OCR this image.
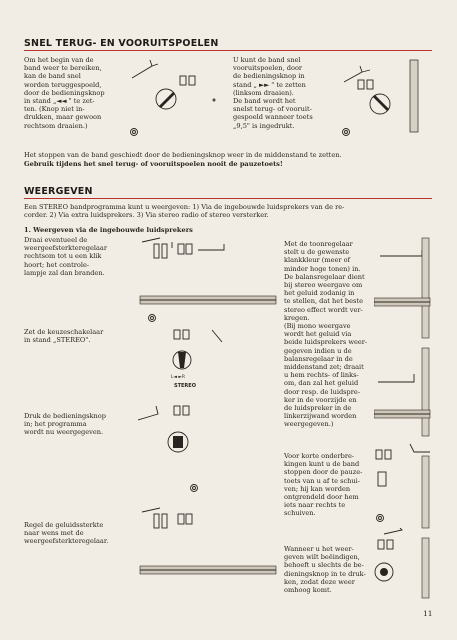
SNEL TERUG- EN VOORUITSPOELEN
Om het begin van de
band weer te bereiken,
kan de band snel
worden teruggespoeld,
door de bedieningsknop
in stand „◄◄ " te zet-
ten. (Knop niet in-
drukken, maar gewoon
rechtsom draaien.)
U kunt de band snel
vooruitspoelen, door
de bedieningsknop in
stand „ ►► " te zetten
(linksom draaien).
De band wordt het
snelst terug- of vooruit-
gespoeld wanneer toets
„9,5" is ingedrukt.
Het stoppen van de band geschiedt door de bedieningsknop weer in de middenstand te zetten.
Gebruik tijdens het snel terug- of vooruitspoelen nooit de pauzetoets!
WEERGEVEN
Een STEREO bandprogramma kunt u weergeven: 1) Via de ingebouwde luidsprekers van de re-
corder. 2) Via extra luidsprekers. 3) Via stereo radio of stereo versterker.
1. Weergeven via de ingebouwde luidsprekers
Draai eventueel de
weergeefsterkteregelaar
rechtsom tot u een klik
hoort; het controle-
lampje zal dan branden.
Zet de keuzeschakelaar
in stand „STEREO".
Druk de bedieningsknop
in; het programma
wordt nu weergegeven.
Regel de geluidssterkte
naar wens met de
weergeefsterkteregelaar.
L◄ ►R
STEREO
Met de toonregelaar
stelt u de gewenste
klankkleur (meer of
minder hoge tonen) in.
De balansregelaar dient
bij stereo weergave om
het geluid zodanig in
te stellen, dat het beste
stereo effect wordt ver-
kregen.
(Bij mono weergave
wordt het geluid via
beide luidsprekers weer-
gegeven indien u de
balansregelaar in de
middenstand zet; draait
u hem rechts- of links-
om, dan zal het geluid
door resp. de luidspre-
ker in de voorzijde en
de luidspreker in de
linkerzijwand worden
weergegeven.)
Voor korte onderbre-
kingen kunt u de band
stoppen door de pauze-
toets van u af te schui-
ven; hij kan worden
ontgrendeld door hem
iets naar rechts te
schuiven.
Wanneer u het weer-
geven wilt beëindigen,
behoeft u slechts de be-
dieningsknop in te druk-
ken, zodat deze weer
omhoog komt.
11
